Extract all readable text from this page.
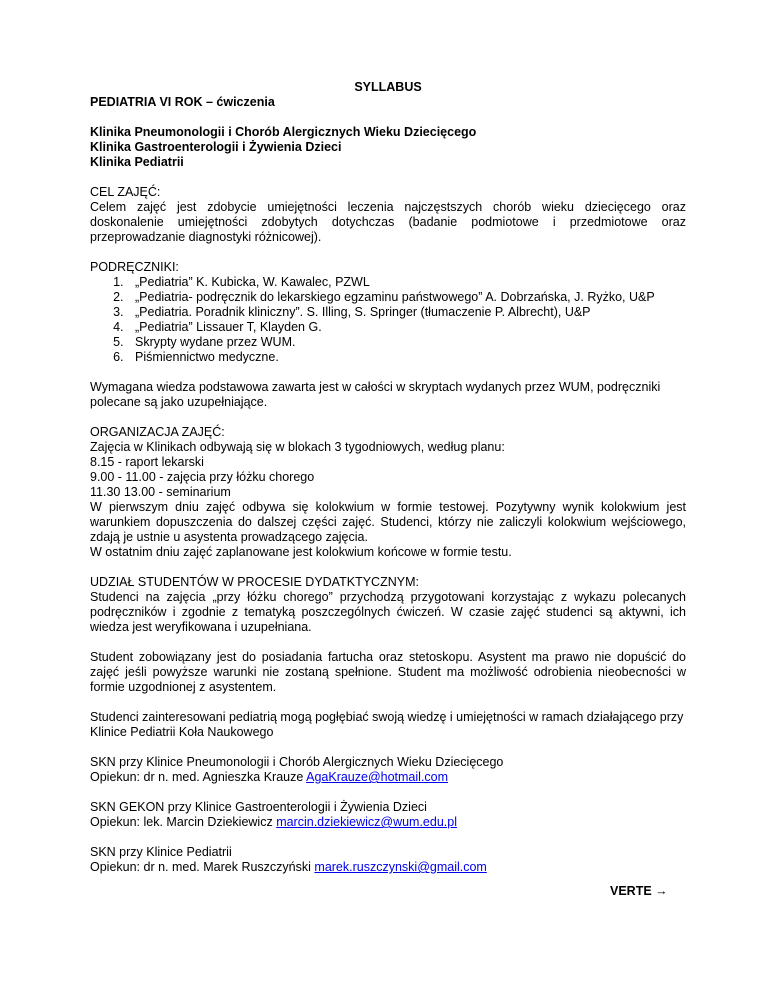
SYLLABUS

PEDIATRIA VI ROK – ćwiczenia

Klinika Pneumonologii i Chorób Alergicznych Wieku Dziecięcego

Klinika Gastroenterologii i Żywienia Dzieci

Klinika Pediatrii

CEL ZAJĘĆ:

Celem zajęć jest zdobycie umiejętności leczenia najczęstszych chorób wieku dziecięcego oraz doskonalenie umiejętności zdobytych dotychczas (badanie podmiotowe i przedmiotowe oraz przeprowadzanie diagnostyki różnicowej).

PODRĘCZNIKI:

1. „Pediatria” K. Kubicka, W. Kawalec, PZWL
2. „Pediatria- podręcznik do lekarskiego egzaminu państwowego” A. Dobrzańska, J. Ryżko, U&P
3. „Pediatria. Poradnik kliniczny”. S. Illing, S. Springer (tłumaczenie P. Albrecht), U&P
4. „Pediatria” Lissauer T, Klayden G.
5. Skrypty wydane przez WUM.
6. Piśmiennictwo medyczne.

Wymagana wiedza podstawowa zawarta jest w całości w skryptach wydanych przez WUM, podręczniki polecane są jako uzupełniające.

ORGANIZACJA ZAJĘĆ:

Zajęcia w Klinikach odbywają się w blokach 3 tygodniowych, według planu:

8.15 - raport lekarski

9.00 - 11.00 - zajęcia przy łóżku chorego

11.30 13.00 - seminarium

W pierwszym dniu zajęć odbywa się kolokwium w formie testowej. Pozytywny wynik kolokwium jest warunkiem dopuszczenia do dalszej części zajęć. Studenci, którzy nie zaliczyli kolokwium wejściowego, zdają je ustnie u asystenta prowadzącego zajęcia.

W ostatnim dniu zajęć zaplanowane jest kolokwium końcowe w formie testu.

UDZIAŁ STUDENTÓW W PROCESIE DYDATKTYCZNYM:

Studenci na zajęcia „przy łóżku chorego” przychodzą przygotowani korzystając z wykazu polecanych podręczników i zgodnie z tematyką poszczególnych ćwiczeń. W czasie zajęć studenci są aktywni, ich wiedza jest weryfikowana i uzupełniana.

Student zobowiązany jest do posiadania fartucha oraz stetoskopu. Asystent ma prawo nie dopuścić do zajęć jeśli powyższe warunki nie zostaną spełnione. Student ma możliwość odrobienia nieobecności w formie uzgodnionej z asystentem.

Studenci zainteresowani pediatrią mogą pogłębiać swoją wiedzę i umiejętności w ramach działającego przy Klinice Pediatrii Koła Naukowego

SKN przy Klinice Pneumonologii i Chorób Alergicznych Wieku Dziecięcego

Opiekun: dr n. med. Agnieszka Krauze AgaKrauze@hotmail.com

SKN GEKON przy Klinice Gastroenterologii i Żywienia Dzieci

Opiekun: lek. Marcin Dziekiewicz marcin.dziekiewicz@wum.edu.pl

SKN przy Klinice Pediatrii

Opiekun: dr n. med. Marek Ruszczyński marek.ruszczynski@gmail.com

VERTE →
